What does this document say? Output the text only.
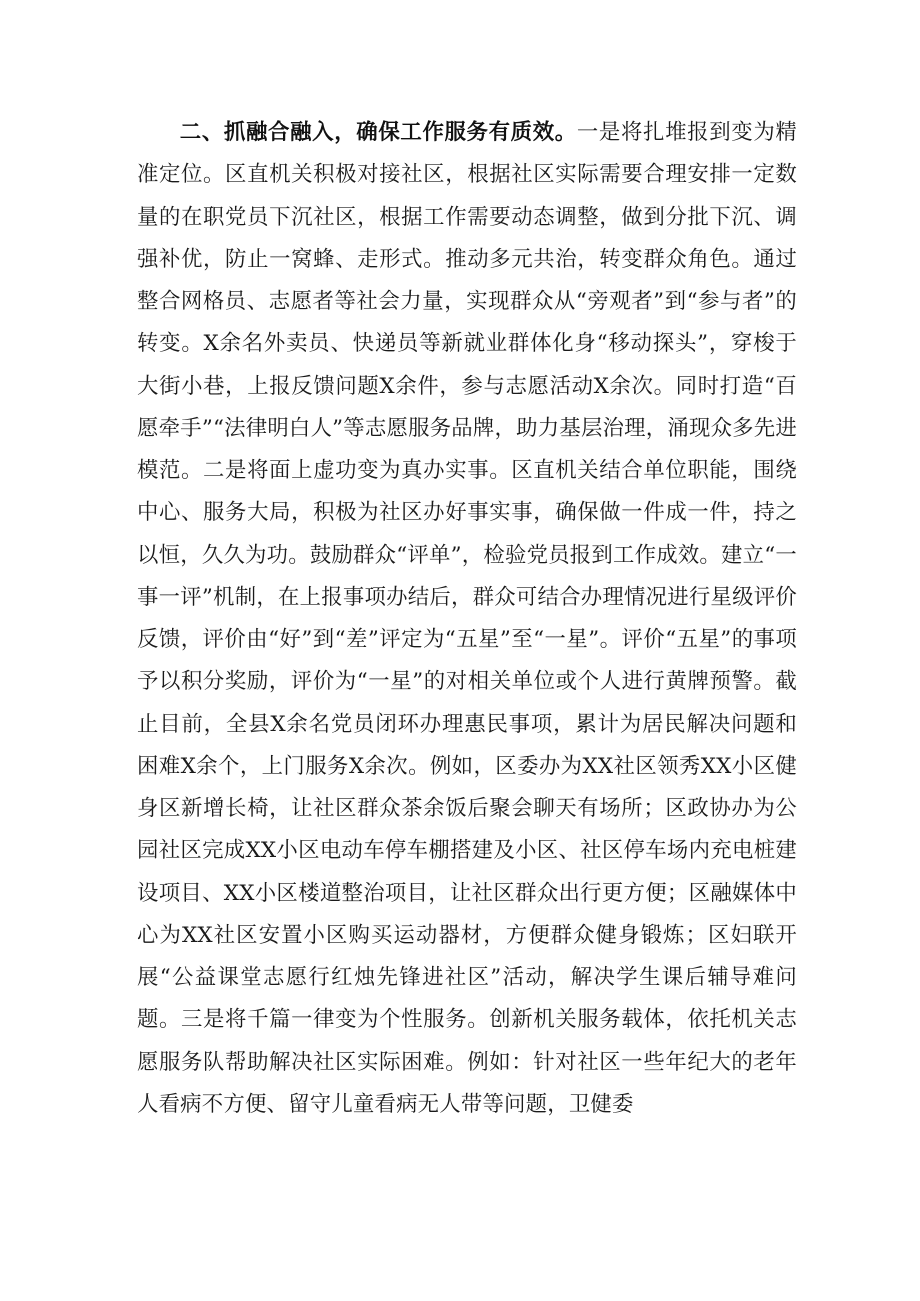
二、抓融合融入，确保工作服务有质效。一是将扎堆报到变为精准定位。区直机关积极对接社区，根据社区实际需要合理安排一定数量的在职党员下沉社区，根据工作需要动态调整，做到分批下沉、调强补优，防止一窝蜂、走形式。推动多元共治，转变群众角色。通过整合网格员、志愿者等社会力量，实现群众从“旁观者”到“参与者”的转变。X余名外卖员、快递员等新就业群体化身“移动探头”，穿梭于大街小巷，上报反馈问题X余件，参与志愿活动X余次。同时打造“百愿牵手”“法律明白人”等志愿服务品牌，助力基层治理，涌现众多先进模范。二是将面上虚功变为真办实事。区直机关结合单位职能，围绕中心、服务大局，积极为社区办好事实事，确保做一件成一件，持之以恒，久久为功。鼓励群众“评单”，检验党员报到工作成效。建立“一事一评”机制，在上报事项办结后，群众可结合办理情况进行星级评价反馈，评价由“好”到“差”评定为“五星”至“一星”。评价“五星”的事项予以积分奖励，评价为“一星”的对相关单位或个人进行黄牌预警。截止目前，全县X余名党员闭环办理惠民事项，累计为居民解决问题和困难X余个，上门服务X余次。例如，区委办为XX社区领秀XX小区健身区新增长椅，让社区群众茶余饭后聚会聊天有场所；区政协办为公园社区完成XX小区电动车停车棚搭建及小区、社区停车场内充电桩建设项目、XX小区楼道整治项目，让社区群众出行更方便；区融媒体中心为XX社区安置小区购买运动器材，方便群众健身锻炼；区妇联开展“公益课堂志愿行红烛先锋进社区”活动，解决学生课后辅导难问题。三是将千篇一律变为个性服务。创新机关服务载体，依托机关志愿服务队帮助解决社区实际困难。例如：针对社区一些年纪大的老年人看病不方便、留守儿童看病无人带等问题，卫健委
